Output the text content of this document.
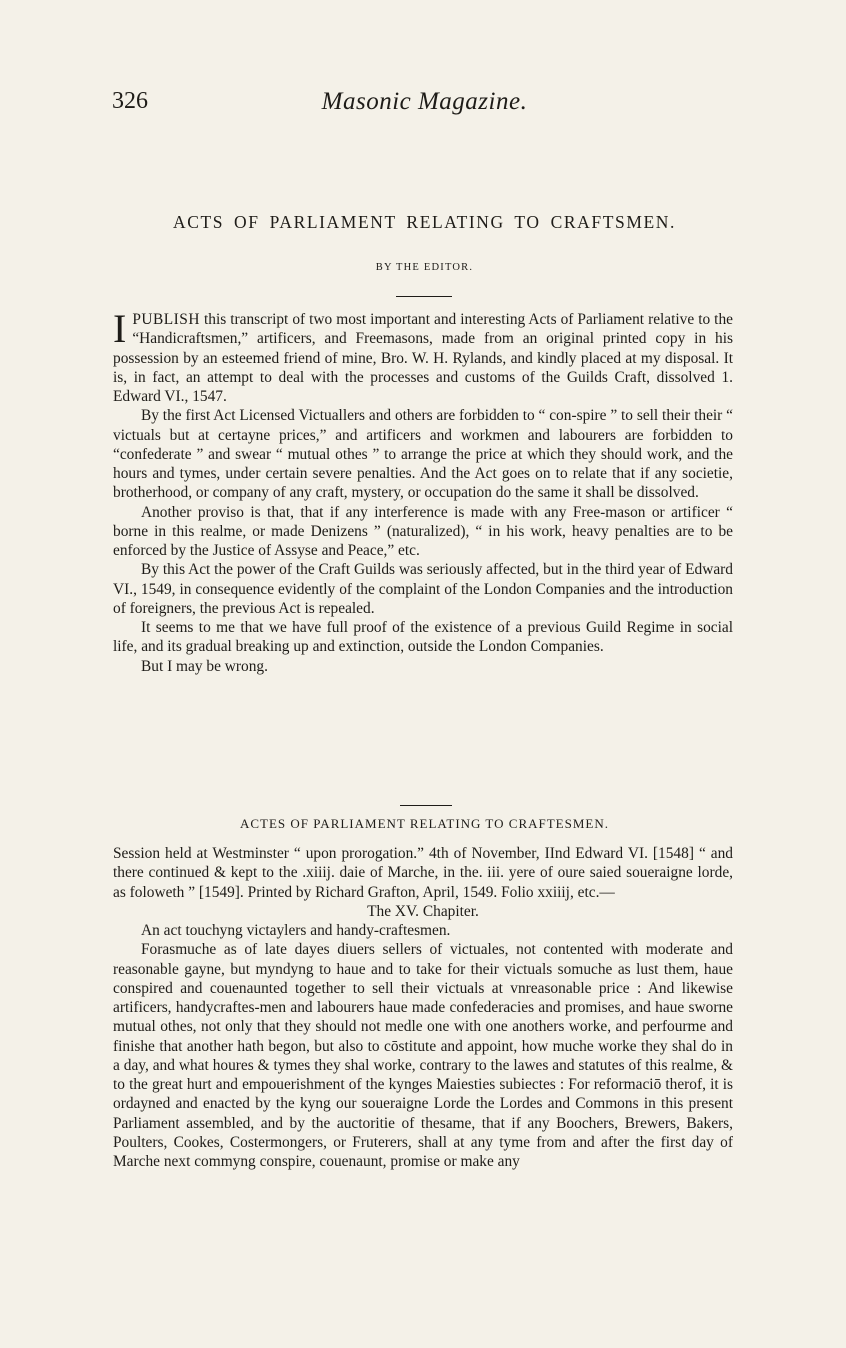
326	Masonic Magazine.
ACTS OF PARLIAMENT RELATING TO CRAFTSMEN.
BY THE EDITOR.

IPUBLISH this transcript of two most important and interesting Acts of Parliament relative to the “Handicraftsmen,” artificers, and Freemasons, made from an original printed copy in his possession by an esteemed friend of mine, Bro. W. H. Rylands, and kindly placed at my disposal. It is, in fact, an attempt to deal with the processes and customs of the Guilds Craft, dissolved 1. Edward VI., 1547.

By the first Act Licensed Victuallers and others are forbidden to “ con-spire ” to sell their their “ victuals but at certayne prices,” and artificers and workmen and labourers are forbidden to “confederate ” and swear “ mutual othes ” to arrange the price at which they should work, and the hours and tymes, under certain severe penalties. And the Act goes on to relate that if any societie, brotherhood, or company of any craft, mystery, or occupation do the same it shall be dissolved.

Another proviso is that, that if any interference is made with any Free-mason or artificer “ borne in this realme, or made Denizens ” (naturalized), “ in his work, heavy penalties are to be enforced by the Justice of Assyse and Peace,” etc.

By this Act the power of the Craft Guilds was seriously affected, but in the third year of Edward VI., 1549, in consequence evidently of the complaint of the London Companies and the introduction of foreigners, the previous Act is repealed.

It seems to me that we have full proof of the existence of a previous Guild Regime in social life, and its gradual breaking up and extinction, outside the London Companies.

But I may be wrong.

ACTES OF PARLIAMENT RELATING TO CRAFTESMEN.

Session held at Westminster “ upon prorogation.” 4th of November, IInd Edward VI. [1548] “ and there continued & kept to the .xiiij. daie of Marche, in the. iii. yere of oure saied soueraigne lorde, as foloweth ” [1549]. Printed by Richard Grafton, April, 1549. Folio xxiiij, etc.—

The XV. Chapiter.

An act touchyng victaylers and handy-craftesmen.

Forasmuche as of late dayes diuers sellers of victuales, not contented with moderate and reasonable gayne, but myndyng to haue and to take for their victuals somuche as lust them, haue conspired and couenaunted together to sell their victuals at vnreasonable price : And likewise artificers, handycraftes-men and labourers haue made confederacies and promises, and haue sworne mutual othes, not only that they should not medle one with one anothers worke, and perfourme and finishe that another hath begon, but also to cōstitute and appoint, how muche worke they shal do in a day, and what houres & tymes they shal worke, contrary to the lawes and statutes of this realme, & to the great hurt and empouerishment of the kynges Maiesties subiectes : For reformaciō therof, it is ordayned and enacted by the kyng our soueraigne Lorde the Lordes and Commons in this present Parliament assembled, and by the auctoritie of thesame, that if any Boochers, Brewers, Bakers, Poulters, Cookes, Costermongers, or Fruterers, shall at any tyme from and after the first day of Marche next commyng conspire, couenaunt, promise or make any
